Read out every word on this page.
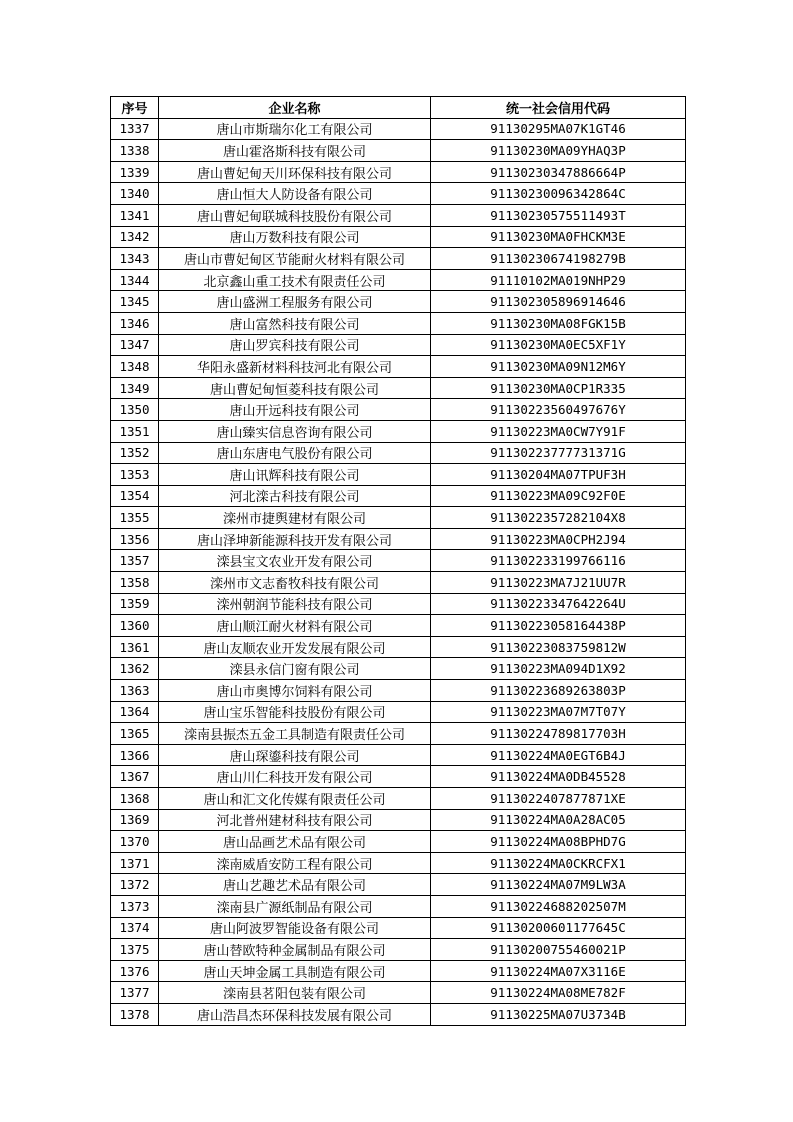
序号	企业名称	统一社会信用代码
1337	唐山市斯瑞尔化工有限公司	91130295MA07K1GT46
1338	唐山霍洛斯科技有限公司	91130230MA09YHAQ3P
1339	唐山曹妃甸天川环保科技有限公司	91130230347886664P
1340	唐山恒大人防设备有限公司	91130230096342864C
1341	唐山曹妃甸联城科技股份有限公司	91130230575511493T
1342	唐山万数科技有限公司	91130230MA0FHCKM3E
1343	唐山市曹妃甸区节能耐火材料有限公司	91130230674198279B
1344	北京鑫山重工技术有限责任公司	91110102MA019NHP29
1345	唐山盛洲工程服务有限公司	911302305896914646
1346	唐山富然科技有限公司	91130230MA08FGK15B
1347	唐山罗宾科技有限公司	91130230MA0EC5XF1Y
1348	华阳永盛新材料科技河北有限公司	91130230MA09N12M6Y
1349	唐山曹妃甸恒菱科技有限公司	91130230MA0CP1R335
1350	唐山开远科技有限公司	91130223560497676Y
1351	唐山臻实信息咨询有限公司	91130223MA0CW7Y91F
1352	唐山东唐电气股份有限公司	91130223777731371G
1353	唐山讯辉科技有限公司	91130204MA07TPUF3H
1354	河北滦古科技有限公司	91130223MA09C92F0E
1355	滦州市捷舆建材有限公司	9113022357282104X8
1356	唐山泽坤新能源科技开发有限公司	91130223MA0CPH2J94
1357	滦县宝文农业开发有限公司	911302233199766116
1358	滦州市文志畜牧科技有限公司	91130223MA7J21UU7R
1359	滦州朝润节能科技有限公司	91130223347642264U
1360	唐山顺江耐火材料有限公司	91130223058164438P
1361	唐山友顺农业开发发展有限公司	91130223083759812W
1362	滦县永信门窗有限公司	91130223MA094D1X92
1363	唐山市奥博尔饲料有限公司	91130223689263803P
1364	唐山宝乐智能科技股份有限公司	91130223MA07M7T07Y
1365	滦南县振杰五金工具制造有限责任公司	91130224789817703H
1366	唐山琛鎏科技有限公司	91130224MA0EGT6B4J
1367	唐山川仁科技开发有限公司	91130224MA0DB45528
1368	唐山和汇文化传媒有限责任公司	9113022407877871XE
1369	河北普州建材科技有限公司	91130224MA0A28AC05
1370	唐山品画艺术品有限公司	91130224MA08BPHD7G
1371	滦南威盾安防工程有限公司	91130224MA0CKRCFX1
1372	唐山艺趣艺术品有限公司	91130224MA07M9LW3A
1373	滦南县广源纸制品有限公司	91130224688202507M
1374	唐山阿波罗智能设备有限公司	91130200601177645C
1375	唐山替欧特种金属制品有限公司	91130200755460021P
1376	唐山天坤金属工具制造有限公司	91130224MA07X3116E
1377	滦南县茗阳包装有限公司	91130224MA08ME782F
1378	唐山浩昌杰环保科技发展有限公司	91130225MA07U3734B
